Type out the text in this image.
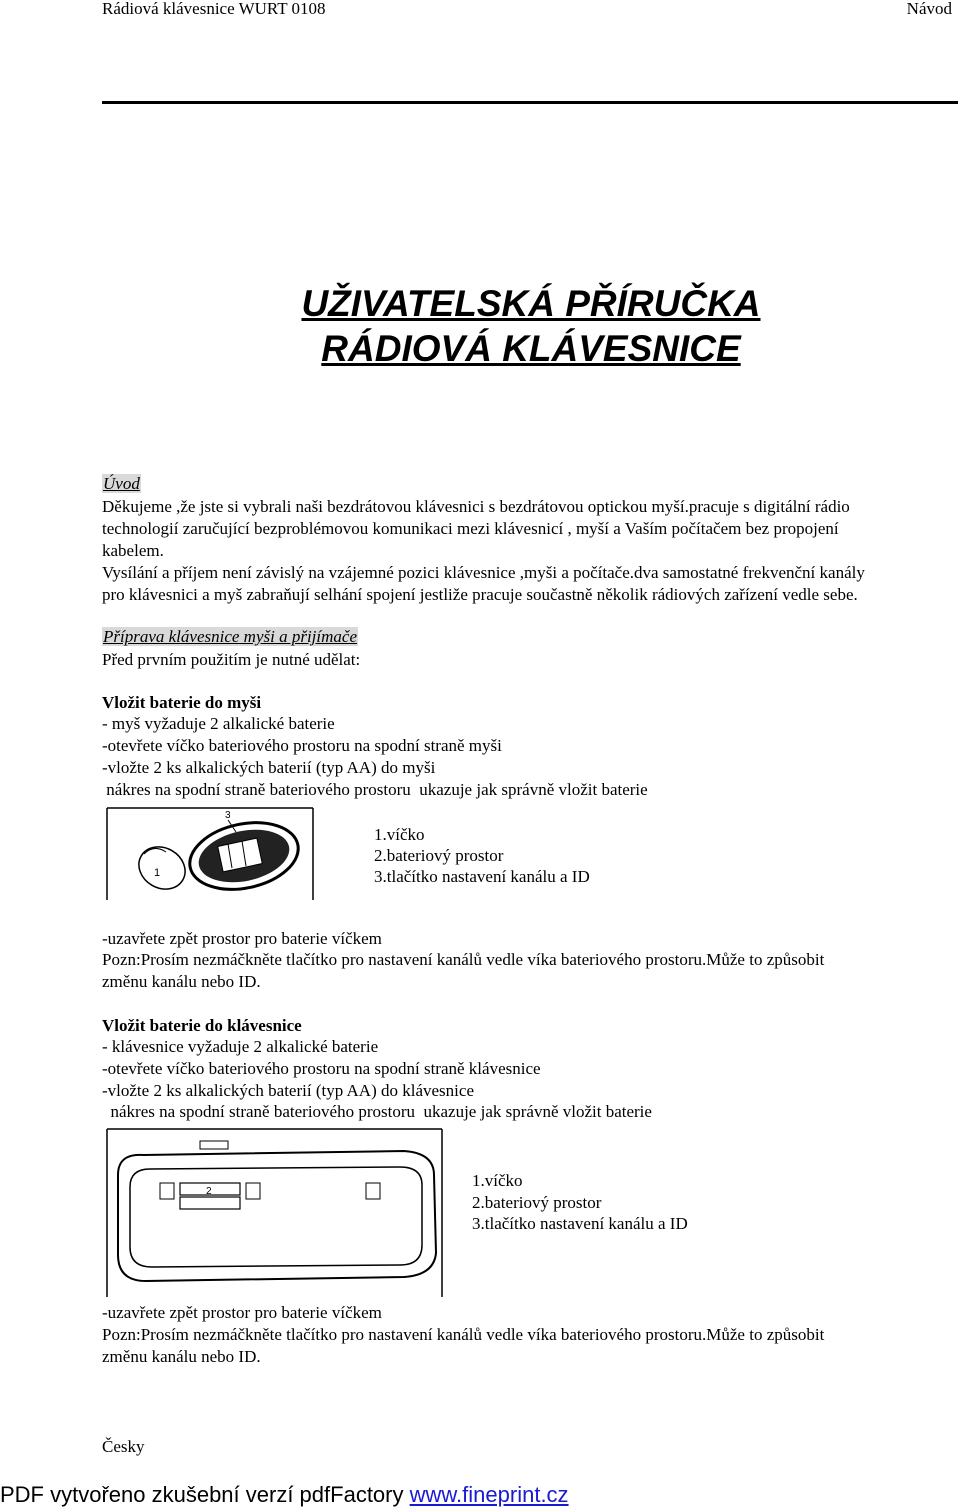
Rádiová klávesnice WURT 0108	Návod
UŽIVATELSKÁ PŘÍRUČKA
RÁDIOVÁ KLÁVESNICE
Úvod
Děkujeme ,že jste si vybrali naši bezdrátovou klávesnici s bezdrátovou optickou myší.pracuje s digitální rádio
technologií zaručující bezproblémovou komunikaci mezi klávesnicí , myší a Vaším počítačem bez propojení
kabelem.
Vysílání a příjem není závislý na vzájemné pozici klávesnice ,myši a počítače.dva samostatné frekvenční kanály
pro klávesnici a myš zabraňují selhání spojení jestliže pracuje součastně několik rádiových zařízení vedle sebe.
Příprava klávesnice myši a přijímače
Před prvním použitím je nutné udělat:
Vložit baterie do myši
- myš vyžaduje 2 alkalické baterie
-otevřete víčko bateriového prostoru na spodní straně myši
-vložte 2 ks alkalických baterií (typ AA) do myši
nákres na spodní straně bateriového prostoru  ukazuje jak správně vložit baterie
1
3
1.víčko
2.bateriový prostor
3.tlačítko nastavení kanálu a ID
-uzavřete zpět prostor pro baterie víčkem
Pozn:Prosím nezmáčkněte tlačítko pro nastavení kanálů vedle víka bateriového prostoru.Může to způsobit
změnu kanálu nebo ID.
Vložit baterie do klávesnice
- klávesnice vyžaduje 2 alkalické baterie
-otevřete víčko bateriového prostoru na spodní straně klávesnice
-vložte 2 ks alkalických baterií (typ AA) do klávesnice
nákres na spodní straně bateriového prostoru  ukazuje jak správně vložit baterie
2
1.víčko
2.bateriový prostor
3.tlačítko nastavení kanálu a ID
-uzavřete zpět prostor pro baterie víčkem
Pozn:Prosím nezmáčkněte tlačítko pro nastavení kanálů vedle víka bateriového prostoru.Může to způsobit
změnu kanálu nebo ID.
Česky
PDF vytvořeno zkušební verzí pdfFactory www.fineprint.cz
